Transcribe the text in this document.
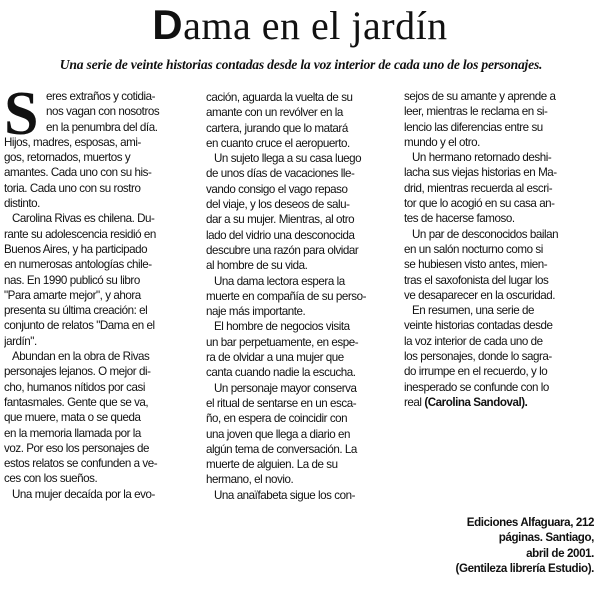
Dama en el jardín
Una serie de veinte historias contadas desde la voz interior de cada uno de los personajes.
S eres extraños y cotidia-
nos vagan con nosotros
en la penumbra del día.
Hijos, madres, esposas, ami-
gos, retornados, muertos y
amantes. Cada uno con su his-
toria. Cada uno con su rostro
distinto.
Carolina Rivas es chilena. Du-
rante su adolescencia residió en
Buenos Aires, y ha participado
en numerosas antologías chile-
nas. En 1990 publicó su libro
"Para amarte mejor", y ahora
presenta su última creación: el
conjunto de relatos "Dama en el
jardín".
Abundan en la obra de Rivas
personajes lejanos. O mejor di-
cho, humanos nítidos por casi
fantasmales. Gente que se va,
que muere, mata o se queda
en la memoria llamada por la
voz. Por eso los personajes de
estos relatos se confunden a ve-
ces con los sueños.
Una mujer decaída por la evo-
cación, aguarda la vuelta de su
amante con un revólver en la
cartera, jurando que lo matará
en cuanto cruce el aeropuerto.
Un sujeto llega a su casa luego
de unos días de vacaciones lle-
vando consigo el vago repaso
del viaje, y los deseos de salu-
dar a su mujer. Mientras, al otro
lado del vidrio una desconocida
descubre una razón para olvidar
al hombre de su vida.
Una dama lectora espera la
muerte en compañía de su perso-
naje más importante.
El hombre de negocios visita
un bar perpetuamente, en espe-
ra de olvidar a una mujer que
canta cuando nadie la escucha.
Un personaje mayor conserva
el ritual de sentarse en un esca-
ño, en espera de coincidir con
una joven que llega a diario en
algún tema de conversación. La
muerte de alguien. La de su
hermano, el novio.
Una anaïfabeta sigue los con-
sejos de su amante y aprende a
leer, mientras le reclama en si-
lencio las diferencias entre su
mundo y el otro.
Un hermano retornado deshi-
lacha sus viejas historias en Ma-
drid, mientras recuerda al escri-
tor que lo acogió en su casa an-
tes de hacerse famoso.
Un par de desconocidos bailan
en un salón nocturno como si
se hubiesen visto antes, mien-
tras el saxofonista del lugar los
ve desaparecer en la oscuridad.
En resumen, una serie de
veinte historias contadas desde
la voz interior de cada uno de
los personajes, donde lo sagra-
do irrumpe en el recuerdo, y lo
inesperado se confunde con lo
real (Carolina Sandoval).
Ediciones Alfaguara, 212
páginas. Santiago,
abril de 2001.
(Gentileza librería Estudio).
